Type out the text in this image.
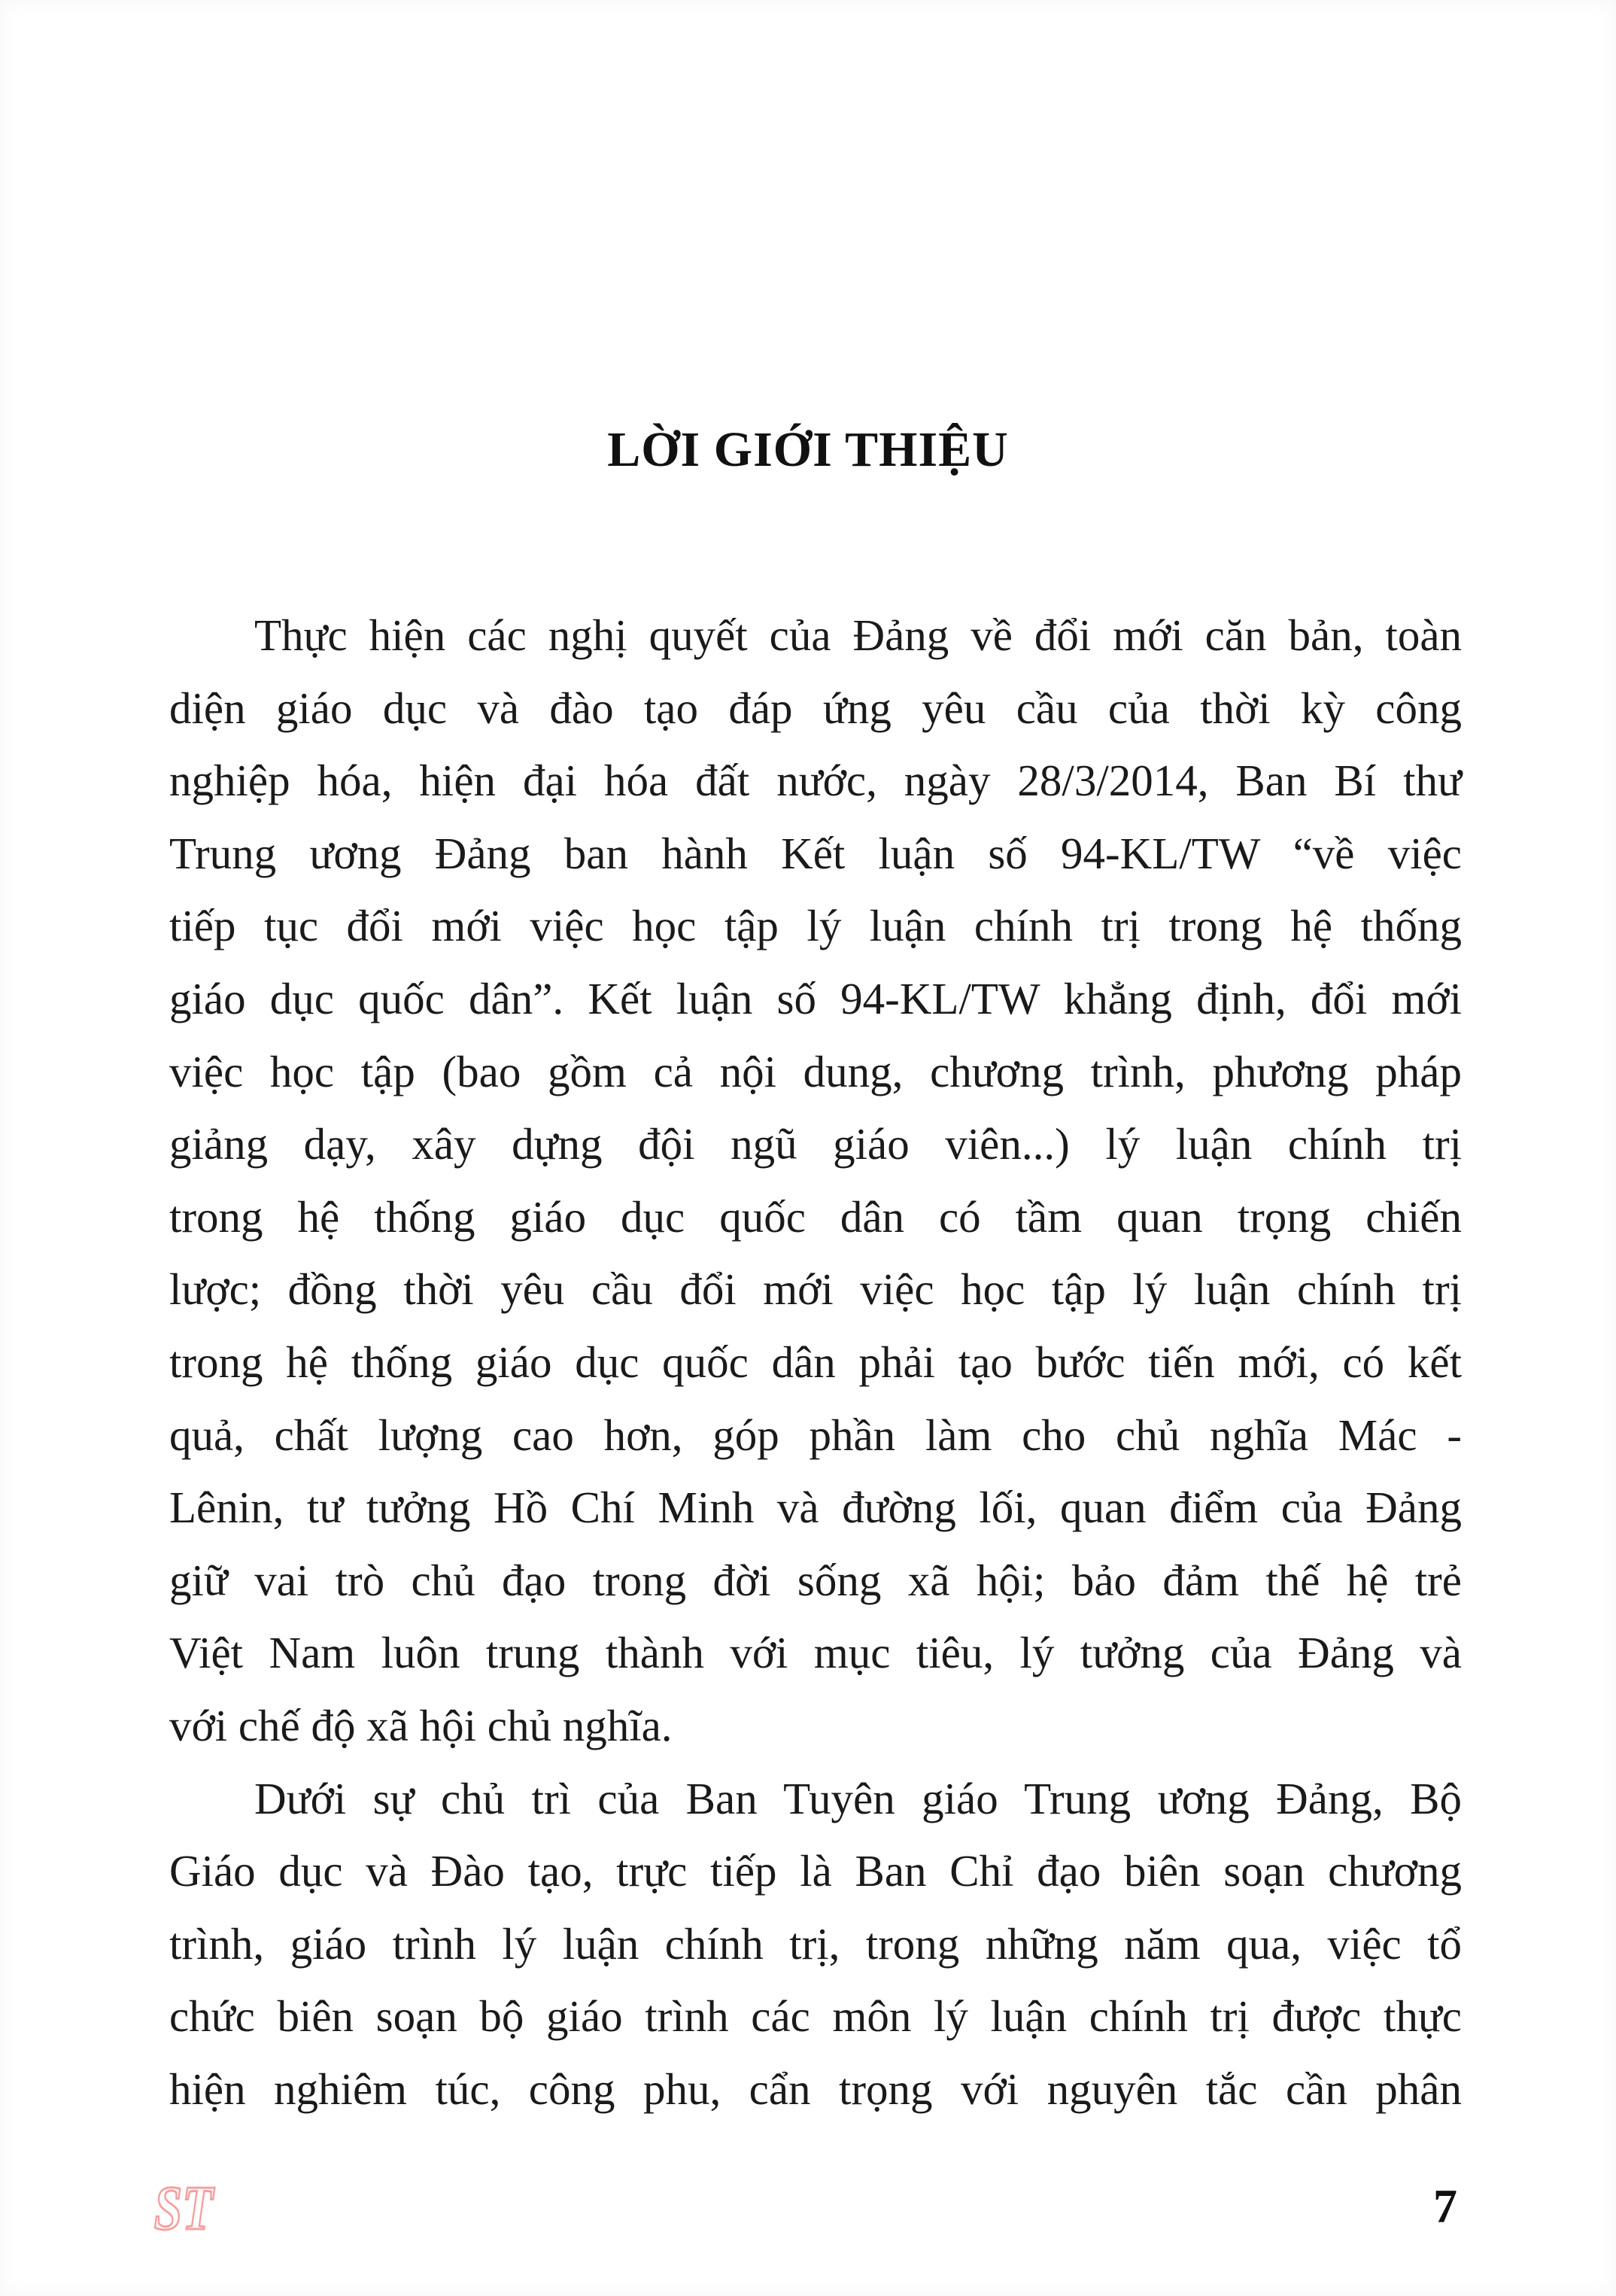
LỜI GIỚI THIỆU
Thực hiện các nghị quyết của Đảng về đổi mới căn bản, toàn
diện giáo dục và đào tạo đáp ứng yêu cầu của thời kỳ công
nghiệp hóa, hiện đại hóa đất nước, ngày 28/3/2014, Ban Bí thư
Trung ương Đảng ban hành Kết luận số 94-KL/TW “về việc
tiếp tục đổi mới việc học tập lý luận chính trị trong hệ thống
giáo dục quốc dân”. Kết luận số 94-KL/TW khẳng định, đổi mới
việc học tập (bao gồm cả nội dung, chương trình, phương pháp
giảng dạy, xây dựng đội ngũ giáo viên...) lý luận chính trị
trong hệ thống giáo dục quốc dân có tầm quan trọng chiến
lược; đồng thời yêu cầu đổi mới việc học tập lý luận chính trị
trong hệ thống giáo dục quốc dân phải tạo bước tiến mới, có kết
quả, chất lượng cao hơn, góp phần làm cho chủ nghĩa Mác -
Lênin, tư tưởng Hồ Chí Minh và đường lối, quan điểm của Đảng
giữ vai trò chủ đạo trong đời sống xã hội; bảo đảm thế hệ trẻ
Việt Nam luôn trung thành với mục tiêu, lý tưởng của Đảng và
với chế độ xã hội chủ nghĩa.
Dưới sự chủ trì của Ban Tuyên giáo Trung ương Đảng, Bộ
Giáo dục và Đào tạo, trực tiếp là Ban Chỉ đạo biên soạn chương
trình, giáo trình lý luận chính trị, trong những năm qua, việc tổ
chức biên soạn bộ giáo trình các môn lý luận chính trị được thực
hiện nghiêm túc, công phu, cẩn trọng với nguyên tắc cần phân
ST	7
